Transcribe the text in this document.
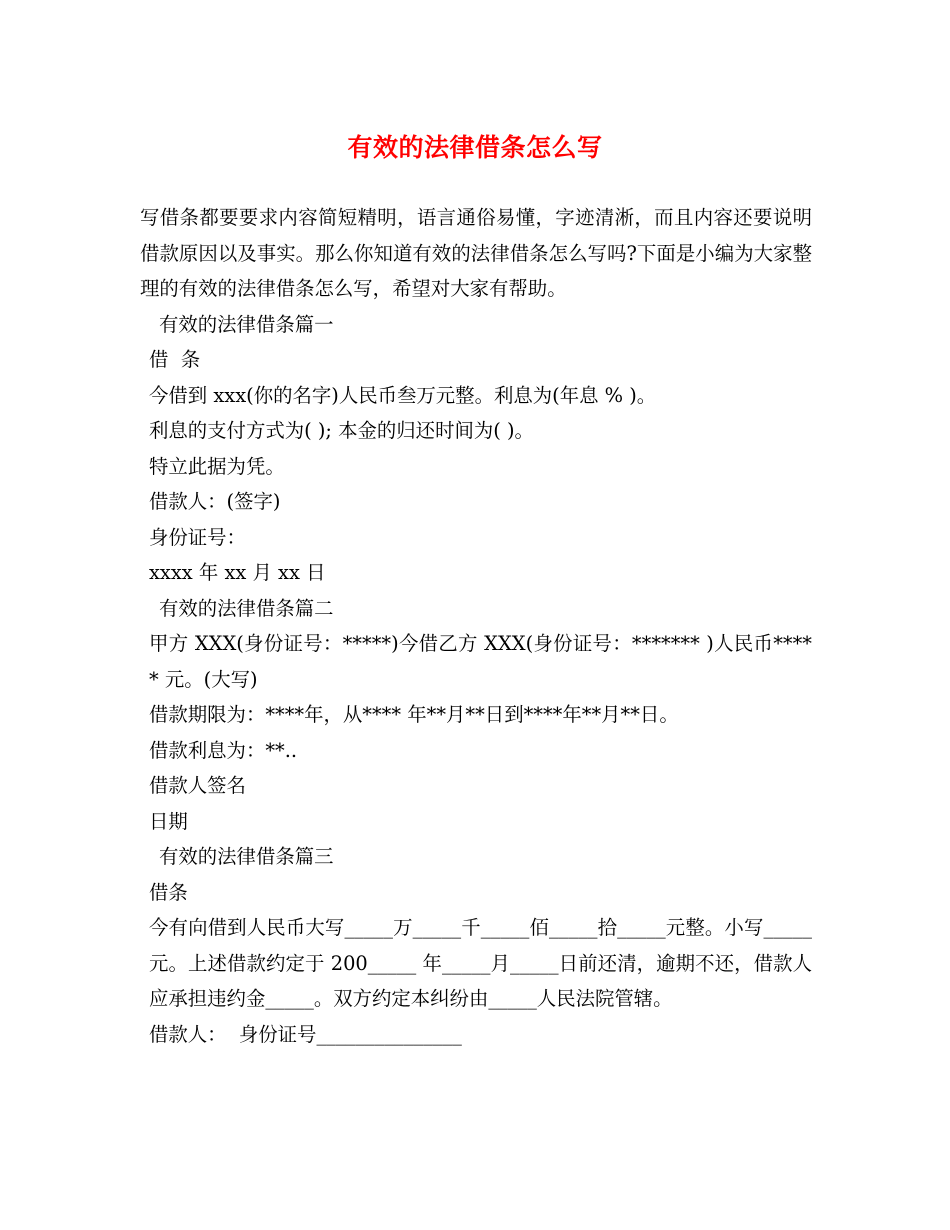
有效的法律借条怎么写

写借条都要要求内容简短精明，语言通俗易懂，字迹清淅，而且内容还要说明借款原因以及事实。那么你知道有效的法律借条怎么写吗?下面是小编为大家整理的有效的法律借条怎么写，希望对大家有帮助。

有效的法律借条篇一

借  条

今借到 xxx(你的名字)人民币叁万元整。利息为(年息 % )。

利息的支付方式为( ); 本金的归还时间为( )。

特立此据为凭。

借款人：(签字)

身份证号：

xxxx 年 xx 月 xx 日

有效的法律借条篇二

甲方 XXX(身份证号：*****)今借乙方 XXX(身份证号：******* )人民币***** 元。(大写)

借款期限为：****年，从**** 年**月**日到****年**月**日。

借款利息为：**..

借款人签名

日期

有效的法律借条篇三

借条

今有向借到人民币大写_____万_____千_____佰_____拾_____元整。小写_____元。上述借款约定于 200_____ 年_____月_____日前还清，逾期不还，借款人应承担违约金_____。双方约定本纠纷由_____人民法院管辖。

借款人：  身份证号_______________
